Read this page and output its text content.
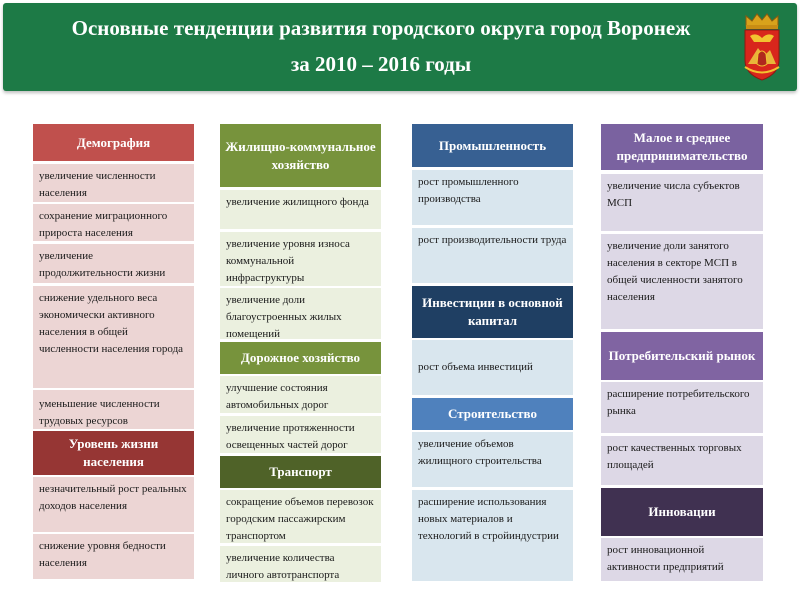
Основные тенденции развития городского округа город Воронеж
за 2010 – 2016 годы
Демография
увеличение численности населения
сохранение миграционного прироста населения
увеличение продолжительности жизни
снижение удельного веса экономически активного населения в общей численности населения города
уменьшение численности трудовых ресурсов
Уровень жизни населения
незначительный рост реальных доходов населения
снижение уровня бедности населения
Жилищно-коммунальное хозяйство
увеличение жилищного фонда
увеличение уровня износа коммунальной инфраструктуры
увеличение доли благоустроенных жилых помещений
Дорожное хозяйство
улучшение состояния автомобильных дорог
увеличение протяженности освещенных частей дорог
Транспорт
сокращение объемов перевозок городским пассажирским транспортом
увеличение количества личного автотранспорта
Промышленность
рост промышленного производства
рост производительности труда
Инвестиции в основной капитал
рост объема инвестиций
Строительство
увеличение объемов жилищного строительства
расширение использования новых материалов и технологий в стройиндустрии
Малое и среднее предпринимательство
увеличение числа субъектов МСП
увеличение доли занятого населения в секторе МСП в общей численности занятого населения
Потребительский рынок
расширение потребительского рынка
рост качественных торговых площадей
Инновации
рост инновационной активности предприятий
